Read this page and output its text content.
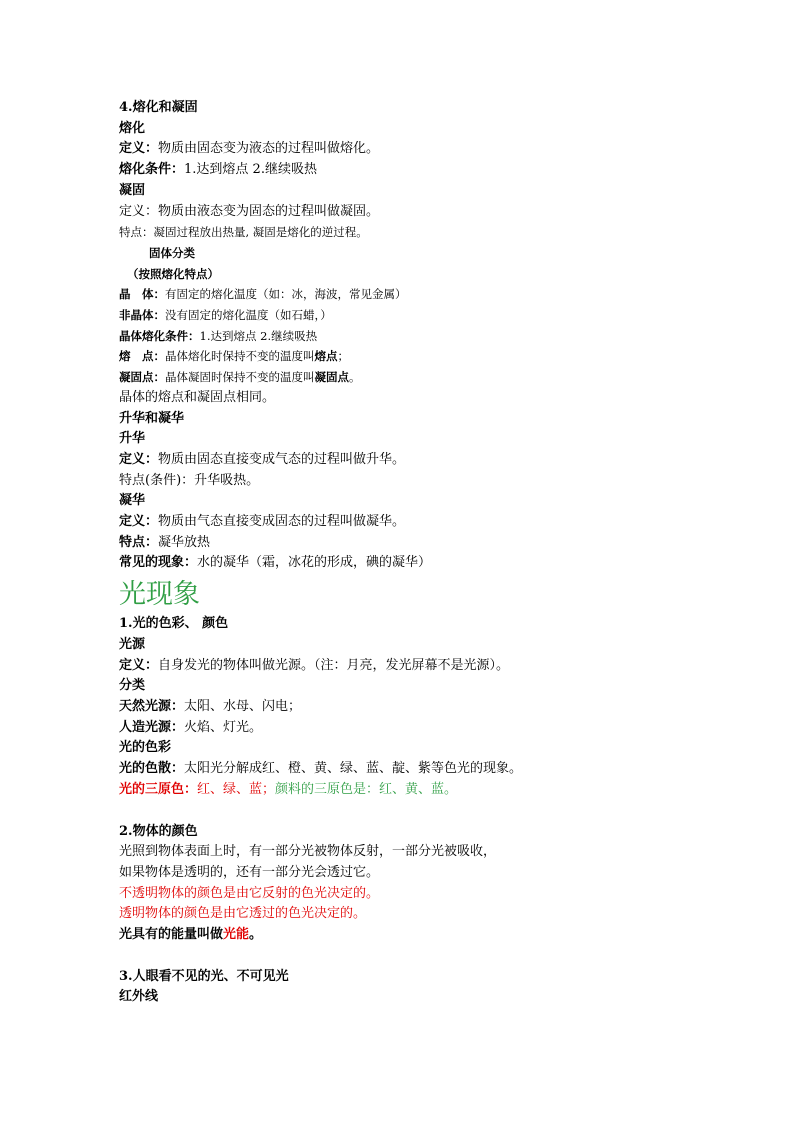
4.熔化和凝固
熔化
定义：物质由固态变为液态的过程叫做熔化。
熔化条件：1.达到熔点 2.继续吸热
凝固
定义：物质由液态变为固态的过程叫做凝固。
特点：凝固过程放出热量, 凝固是熔化的逆过程。
固体分类
（按照熔化特点）
晶　体：有固定的熔化温度（如：冰，海波，常见金属）
非晶体：没有固定的熔化温度（如石蜡，）
晶体熔化条件：1.达到熔点 2.继续吸热
熔　点：晶体熔化时保持不变的温度叫熔点；
凝固点：晶体凝固时保持不变的温度叫凝固点。
晶体的熔点和凝固点相同。
升华和凝华
升华
定义：物质由固态直接变成气态的过程叫做升华。
特点(条件)：升华吸热。
凝华
定义：物质由气态直接变成固态的过程叫做凝华。
特点：凝华放热
常见的现象：水的凝华（霜，冰花的形成，碘的凝华）
光现象
1.光的色彩、 颜色
光源
定义：自身发光的物体叫做光源。（注：月亮，发光屏幕不是光源）。
分类
天然光源：太阳、水母、闪电；
人造光源：火焰、灯光。
光的色彩
光的色散：太阳光分解成红、橙、黄、绿、蓝、靛、紫等色光的现象。
光的三原色：红、绿、蓝；颜料的三原色是：红、黄、蓝。
2.物体的颜色
光照到物体表面上时，有一部分光被物体反射，一部分光被吸收，
如果物体是透明的，还有一部分光会透过它。
不透明物体的颜色是由它反射的色光决定的。
透明物体的颜色是由它透过的色光决定的。
光具有的能量叫做光能。
3.人眼看不见的光、不可见光
红外线
